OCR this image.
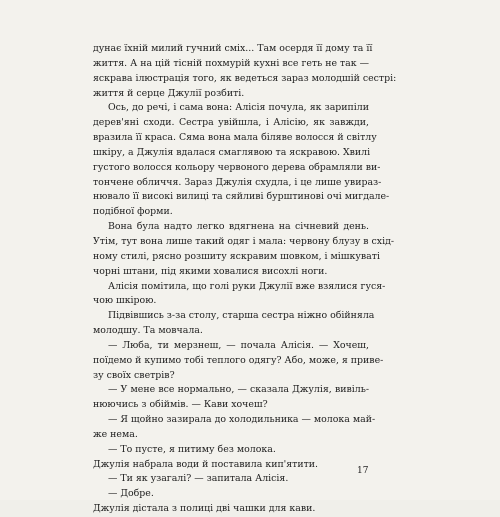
дунає їхній милий гучний сміх... Там осердя її дому та її
життя. А на цій тісній похмурій кухні все геть не так —
яскрава ілюстрація того, як ведеться зараз молодшій сестрі:
життя й серце Джулії розбиті.
Ось, до речі, і сама вона: Алісія почула, як зарипіли
дерев'яні сходи. Сестра увійшла, і Алісію, як завжди,
вразила її краса. Сяма вона мала біляве волосся й світлу
шкіру, а Джулія вдалася смаглявою та яскравою. Хвилі
густого волосся кольору червоного дерева обрамляли ви-
тончене обличчя. Зараз Джулія схудла, і це лише увираз-
нювало її високі вилиці та сяйливі бурштинові очі мигдале-
подібної форми.
Вона була надто легко вдягнена на січневий день.
Утім, тут вона лише такий одяг і мала: червону блузу в схід-
ному стилі, рясно розшиту яскравим шовком, і мішкуваті
чорні штани, під якими ховалися висохлі ноги.
Алісія помітила, що голі руки Джулії вже взялися гуся-
чою шкірою.
Підвівшись з-за столу, старша сестра ніжно обійняла
молодшу. Та мовчала.
— Люба, ти мерзнеш, — почала Алісія. — Хочеш,
поїдемо й купимо тобі теплого одягу? Або, може, я приве-
зу своїх светрів?
— У мене все нормально, — сказала Джулія, вивіль-
нюючись з обіймів. — Кави хочеш?
— Я щойно зазирала до холодильника — молока май-
же нема.
— То пусте, я питиму без молока.
Джулія набрала води й поставила кип'ятити.
— Ти як узагалі? — запитала Алісія.
— Добре.
Джулія дістала з полиці дві чашки для кави.
17
